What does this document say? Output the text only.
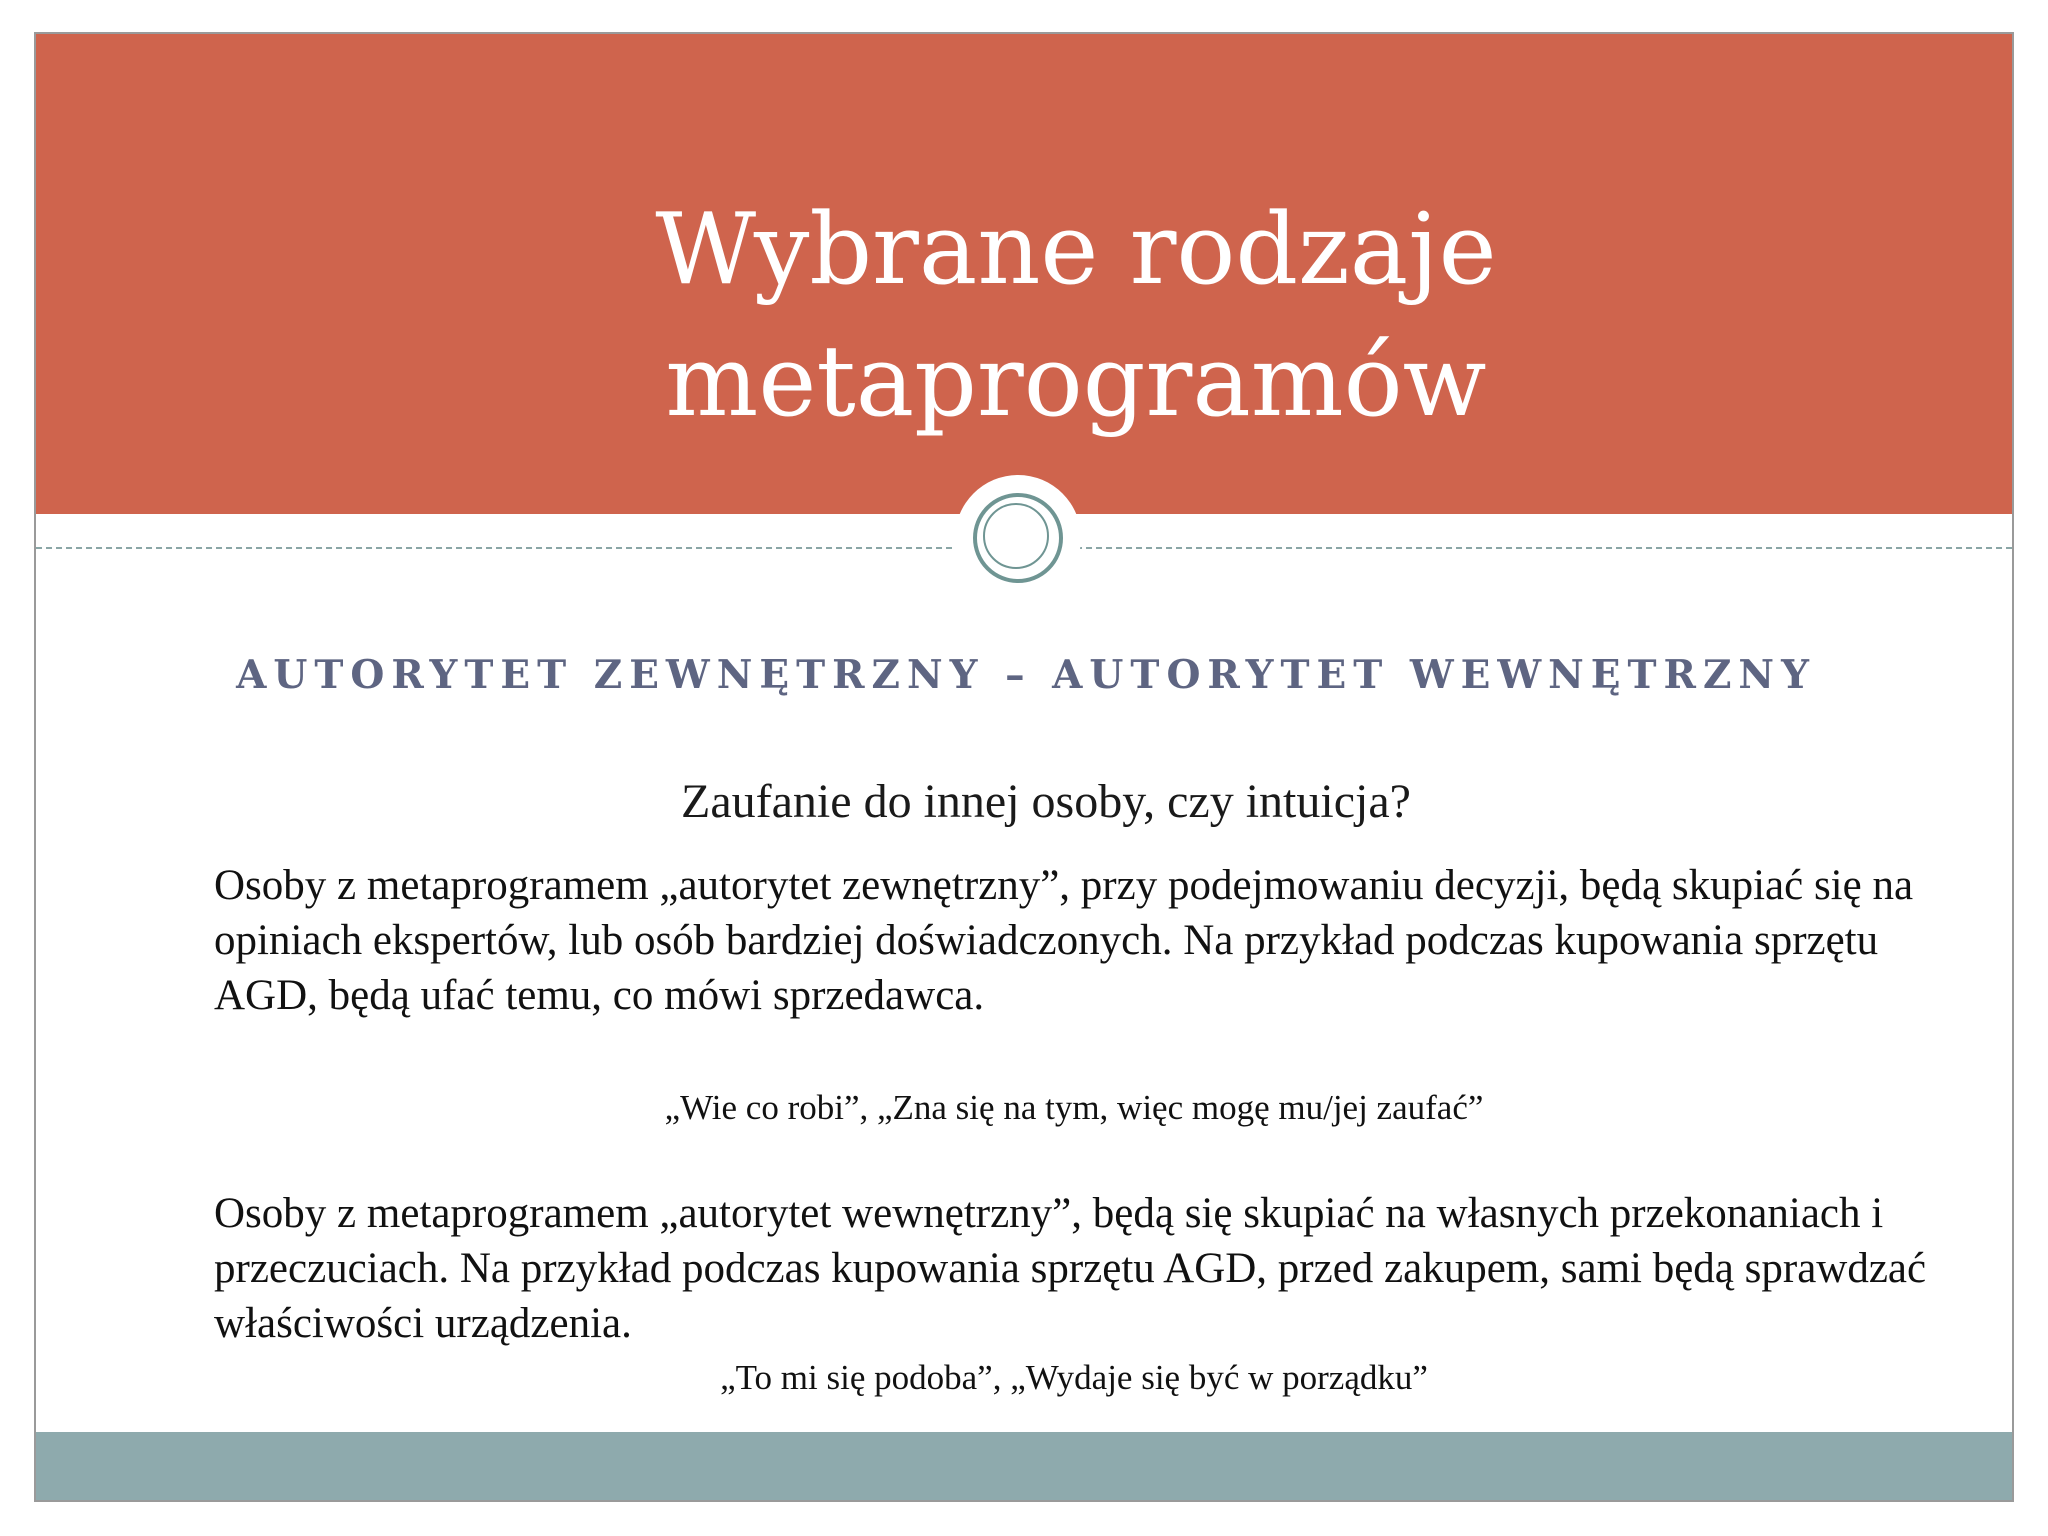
Wybrane rodzaje
metaprogramów
AUTORYTET ZEWNĘTRZNY – AUTORYTET WEWNĘTRZNY

Zaufanie do innej osoby, czy intuicja?

Osoby z metaprogramem „autorytet zewnętrzny”, przy podejmowaniu decyzji, będą skupiać się na opiniach ekspertów, lub osób bardziej doświadczonych. Na przykład podczas kupowania sprzętu AGD, będą ufać temu, co mówi sprzedawca.

„Wie co robi”, „Zna się na tym, więc mogę mu/jej zaufać”

Osoby z metaprogramem „autorytet wewnętrzny”, będą się skupiać na własnych przekonaniach i przeczuciach. Na przykład podczas kupowania sprzętu AGD, przed zakupem, sami będą sprawdzać właściwości urządzenia.

„To mi się podoba”, „Wydaje się być w porządku”
